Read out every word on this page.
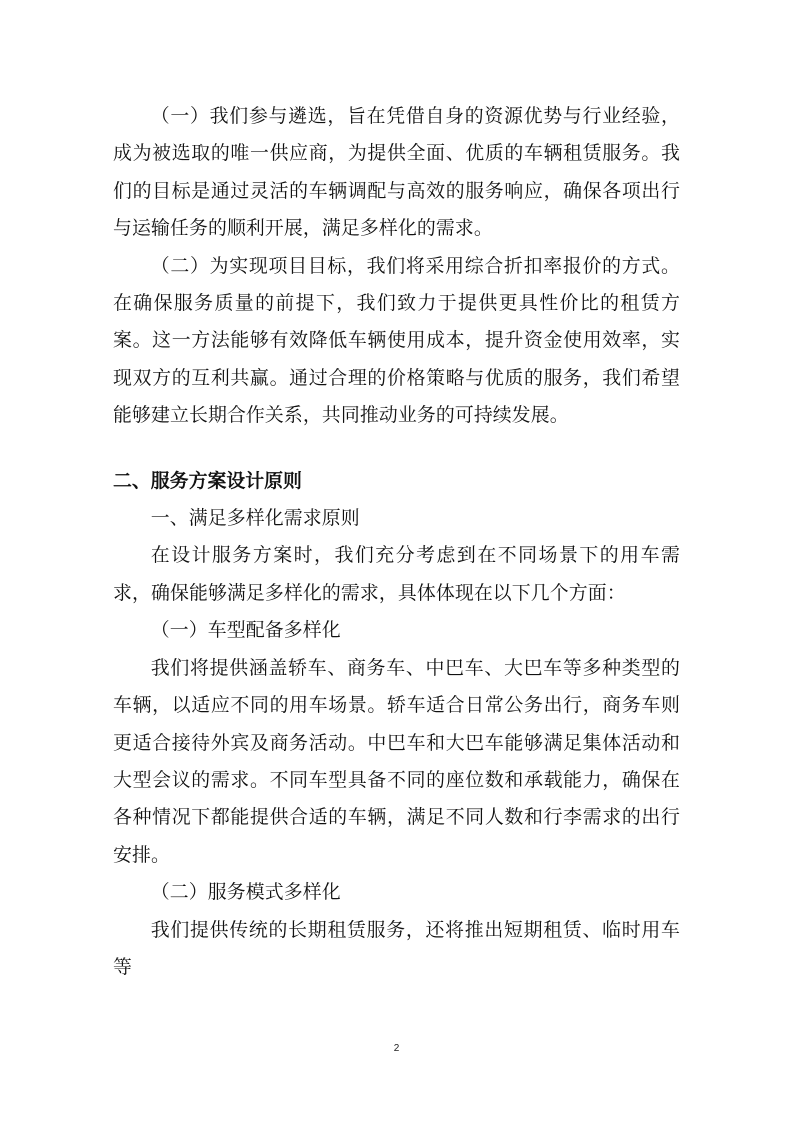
（一）我们参与遴选，旨在凭借自身的资源优势与行业经验，成为被选取的唯一供应商，为提供全面、优质的车辆租赁服务。我们的目标是通过灵活的车辆调配与高效的服务响应，确保各项出行与运输任务的顺利开展，满足多样化的需求。

（二）为实现项目目标，我们将采用综合折扣率报价的方式。在确保服务质量的前提下，我们致力于提供更具性价比的租赁方案。这一方法能够有效降低车辆使用成本，提升资金使用效率，实现双方的互利共赢。通过合理的价格策略与优质的服务，我们希望能够建立长期合作关系，共同推动业务的可持续发展。

二、服务方案设计原则

一、满足多样化需求原则

在设计服务方案时，我们充分考虑到在不同场景下的用车需求，确保能够满足多样化的需求，具体体现在以下几个方面：

（一）车型配备多样化

我们将提供涵盖轿车、商务车、中巴车、大巴车等多种类型的车辆，以适应不同的用车场景。轿车适合日常公务出行，商务车则更适合接待外宾及商务活动。中巴车和大巴车能够满足集体活动和大型会议的需求。不同车型具备不同的座位数和承载能力，确保在各种情况下都能提供合适的车辆，满足不同人数和行李需求的出行安排。

（二）服务模式多样化

我们提供传统的长期租赁服务，还将推出短期租赁、临时用车等

2
